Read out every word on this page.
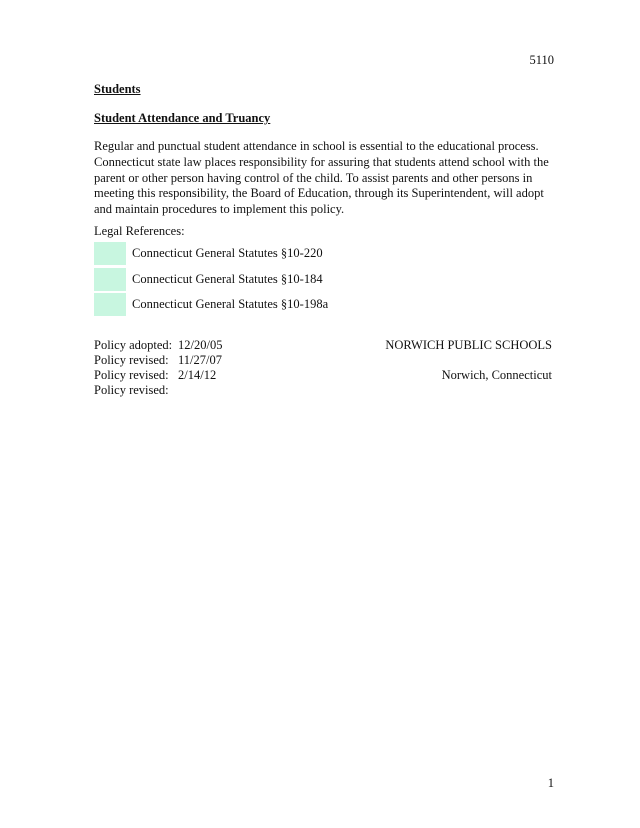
5110
Students
Student Attendance and Truancy

Regular and punctual student attendance in school is essential to the educational process. Connecticut state law places responsibility for assuring that students attend school with the parent or other person having control of the child. To assist parents and other persons in meeting this responsibility, the Board of Education, through its Superintendent, will adopt and maintain procedures to implement this policy.

Legal References:
Connecticut General Statutes §10-220
Connecticut General Statutes §10-184
Connecticut General Statutes §10-198a
Policy adopted: 12/20/05
Policy revised: 11/27/07
Policy revised: 2/14/12
Policy revised:
NORWICH PUBLIC SCHOOLS
Norwich, Connecticut
1
